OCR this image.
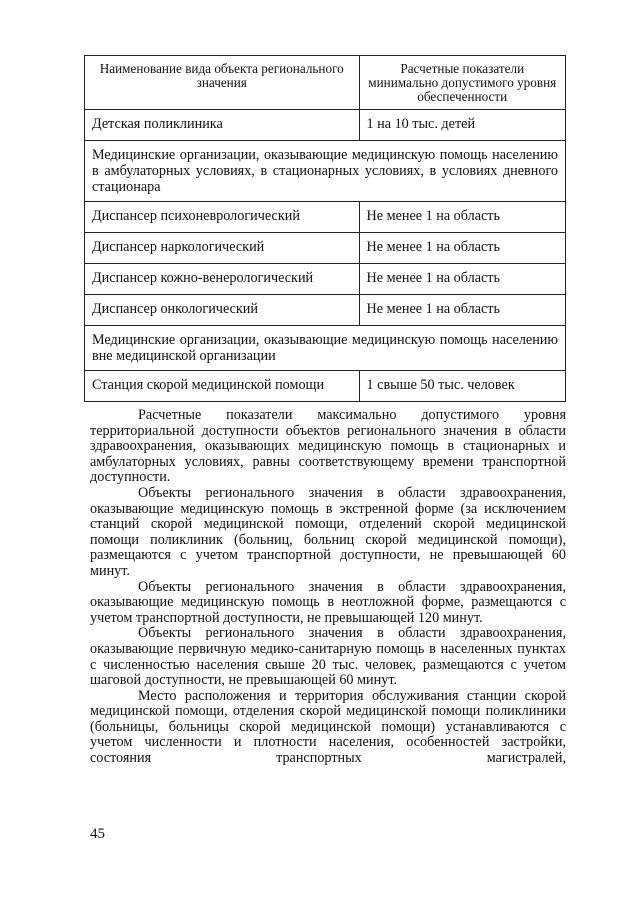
Наименование вида объекта регионального значения	Расчетные показатели минимально допустимого уровня обеспеченности
Детская поликлиника	1 на 10 тыс. детей
Медицинские организации, оказывающие медицинскую помощь населению в амбулаторных условиях, в стационарных условиях, в условиях дневного стационара	
Диспансер психоневрологический	Не менее 1 на область
Диспансер наркологический	Не менее 1 на область
Диспансер кожно-венерологический	Не менее 1 на область
Диспансер онкологический	Не менее 1 на область
Медицинские организации, оказывающие медицинскую помощь населению вне медицинской организации	
Станция скорой медицинской помощи	1 свыше 50 тыс. человек

Расчетные показатели максимально допустимого уровня территориальной доступности объектов регионального значения в области здравоохранения, оказывающих медицинскую помощь в стационарных и амбулаторных условиях, равны соответствующему времени транспортной доступности.

Объекты регионального значения в области здравоохранения, оказывающие медицинскую помощь в экстренной форме (за исключением станций скорой медицинской помощи, отделений скорой медицинской помощи поликлиник (больниц, больниц скорой медицинской помощи), размещаются с учетом транспортной доступности, не превышающей 60 минут.

Объекты регионального значения в области здравоохранения, оказывающие медицинскую помощь в неотложной форме, размещаются с учетом транспортной доступности, не превышающей 120 минут.

Объекты регионального значения в области здравоохранения, оказывающие первичную медико-санитарную помощь в населенных пунктах с численностью населения свыше 20 тыс. человек, размещаются с учетом шаговой доступности, не превышающей 60 минут.

Место расположения и территория обслуживания станции скорой медицинской помощи, отделения скорой медицинской помощи поликлиники (больницы, больницы скорой медицинской помощи) устанавливаются с учетом численности и плотности населения, особенностей застройки, состояния транспортных магистралей,

45
